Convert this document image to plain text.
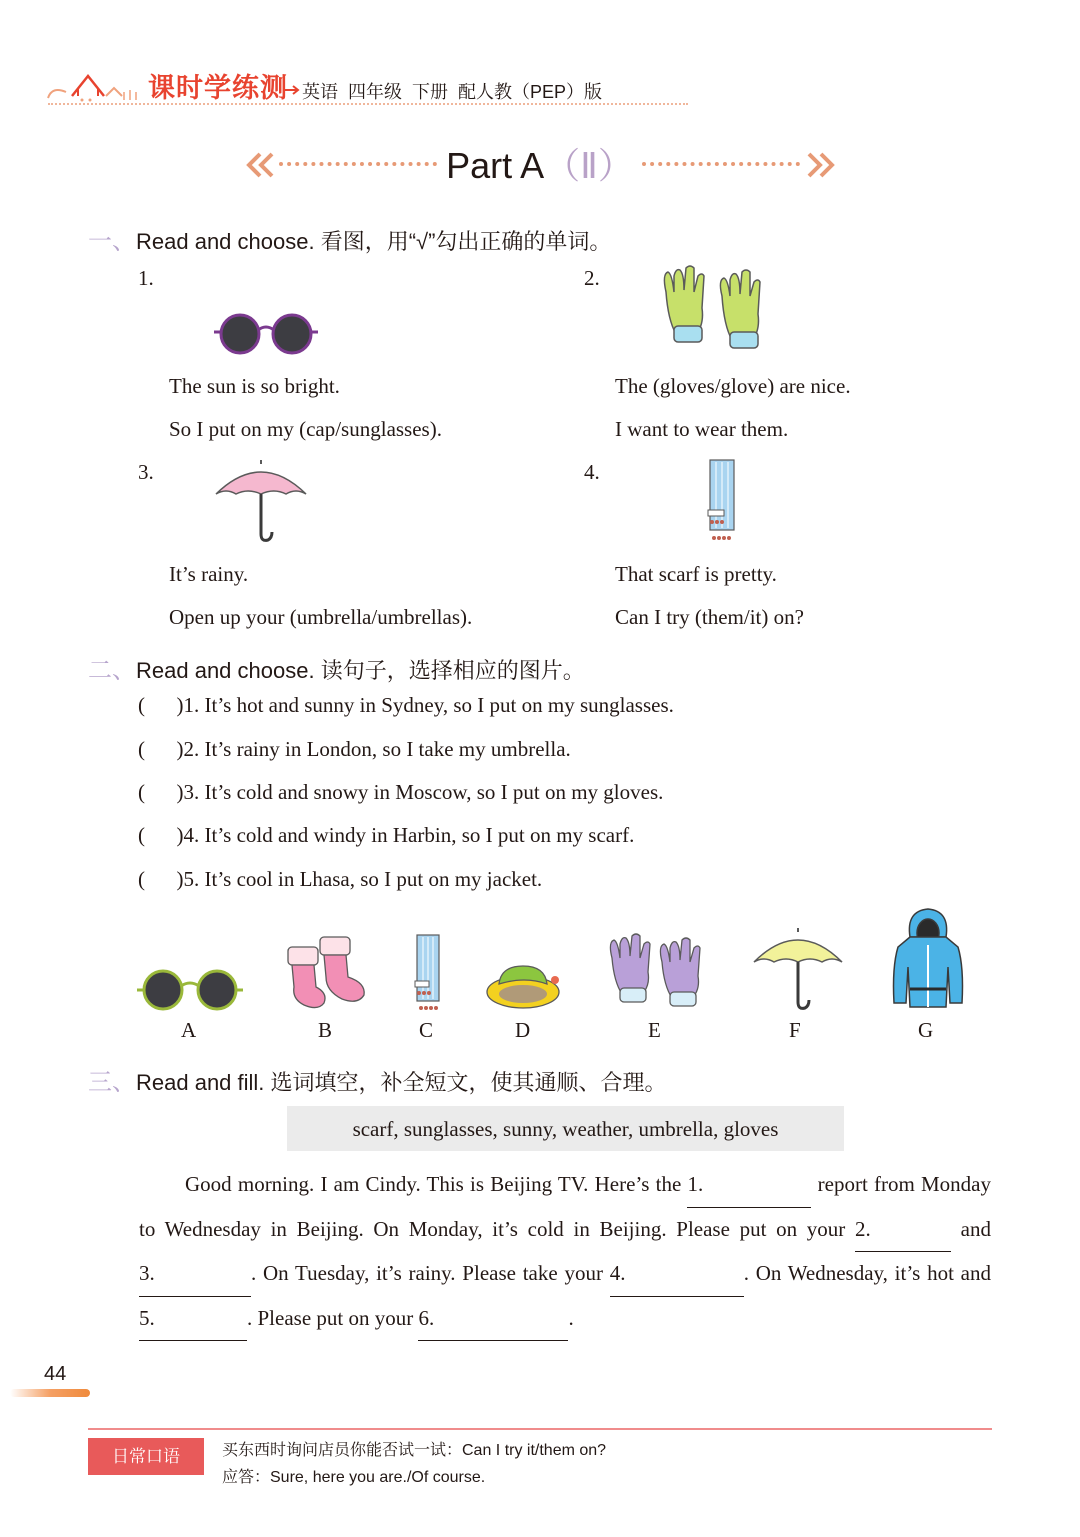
课时学练测 英语  四年级  下册  配人教（PEP）版
Part A（Ⅱ）
一、Read and choose. 看图，用“√”勾出正确的单词。
1.
The sun is so bright.
So I put on my (cap/sunglasses).
2.
The (gloves/glove) are nice.
I want to wear them.
3.
It’s rainy.
Open up your (umbrella/umbrellas).
4.
That scarf is pretty.
Can I try (them/it) on?
二、Read and choose. 读句子，选择相应的图片。
(      )1. It’s hot and sunny in Sydney, so I put on my sunglasses.
(      )2. It’s rainy in London, so I take my umbrella.
(      )3. It’s cold and snowy in Moscow, so I put on my gloves.
(      )4. It’s cold and windy in Harbin, so I put on my scarf.
(      )5. It’s cool in Lhasa, so I put on my jacket.
A	B	C	D	E	F	G
三、Read and fill. 选词填空，补全短文，使其通顺、合理。
scarf, sunglasses, sunny, weather, umbrella, gloves
Good morning. I am Cindy. This is Beijing TV. Here’s the 1.	report from Monday to Wednesday in Beijing. On Monday, it’s cold in Beijing. Please put on your 2.	and 3.	. On Tuesday, it’s rainy. Please take your 4.	. On Wednesday, it’s hot and 5.	. Please put on your 6.	.
44
日常口语	买东西时询问店员你能否试一试：Can I try it/them on?
应答：Sure, here you are./Of course.
